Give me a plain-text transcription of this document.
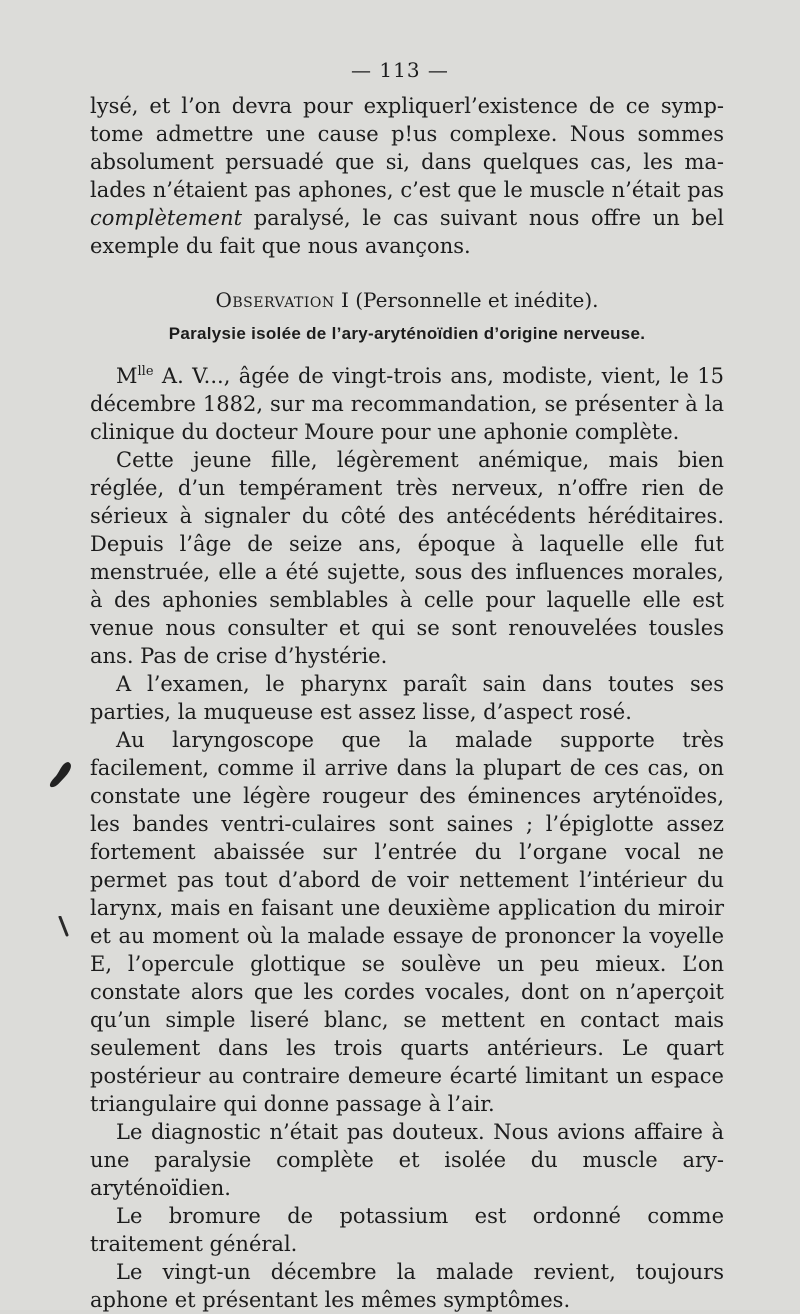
— 113 —

lysé, et l’on devra pour expliquerl’existence de ce symp-tome admettre une cause p!us complexe. Nous sommes absolument persuadé que si, dans quelques cas, les ma-lades n’étaient pas aphones, c’est que le muscle n’était pas complètement paralysé, le cas suivant nous offre un bel exemple du fait que nous avançons.

Observation I (Personnelle et inédite).
Paralysie isolée de l’ary-aryténoïdien d’origine nerveuse.

$M^{lle}$ A. V..., âgée de vingt-trois ans, modiste, vient, le 15 décembre 1882, sur ma recommandation, se présenter à la clinique du docteur Moure pour une aphonie complète.

Cette jeune fille, légèrement anémique, mais bien réglée, d’un tempérament très nerveux, n’offre rien de sérieux à signaler du côté des antécédents héréditaires. Depuis l’âge de seize ans, époque à laquelle elle fut menstruée, elle a été sujette, sous des influences morales, à des aphonies semblables à celle pour laquelle elle est venue nous consulter et qui se sont renouvelées tousles ans. Pas de crise d’hystérie.

A l’examen, le pharynx paraît sain dans toutes ses parties, la muqueuse est assez lisse, d’aspect rosé.

Au laryngoscope que la malade supporte très facilement, comme il arrive dans la plupart de ces cas, on constate une légère rougeur des éminences aryténoïdes, les bandes ventri-culaires sont saines ; l’épiglotte assez fortement abaissée sur l’entrée du l’organe vocal ne permet pas tout d’abord de voir nettement l’intérieur du larynx, mais en faisant une deuxième application du miroir et au moment où la malade essaye de prononcer la voyelle E, l’opercule glottique se soulève un peu mieux. L’on constate alors que les cordes vocales, dont on n’aperçoit qu’un simple liseré blanc, se mettent en contact mais seulement dans les trois quarts antérieurs. Le quart postérieur au contraire demeure écarté limitant un espace triangulaire qui donne passage à l’air.

Le diagnostic n’était pas douteux. Nous avions affaire à une paralysie complète et isolée du muscle ary-aryténoïdien.

Le bromure de potassium est ordonné comme traitement général.

Le vingt-un décembre la malade revient, toujours aphone et présentant les mêmes symptômes.
